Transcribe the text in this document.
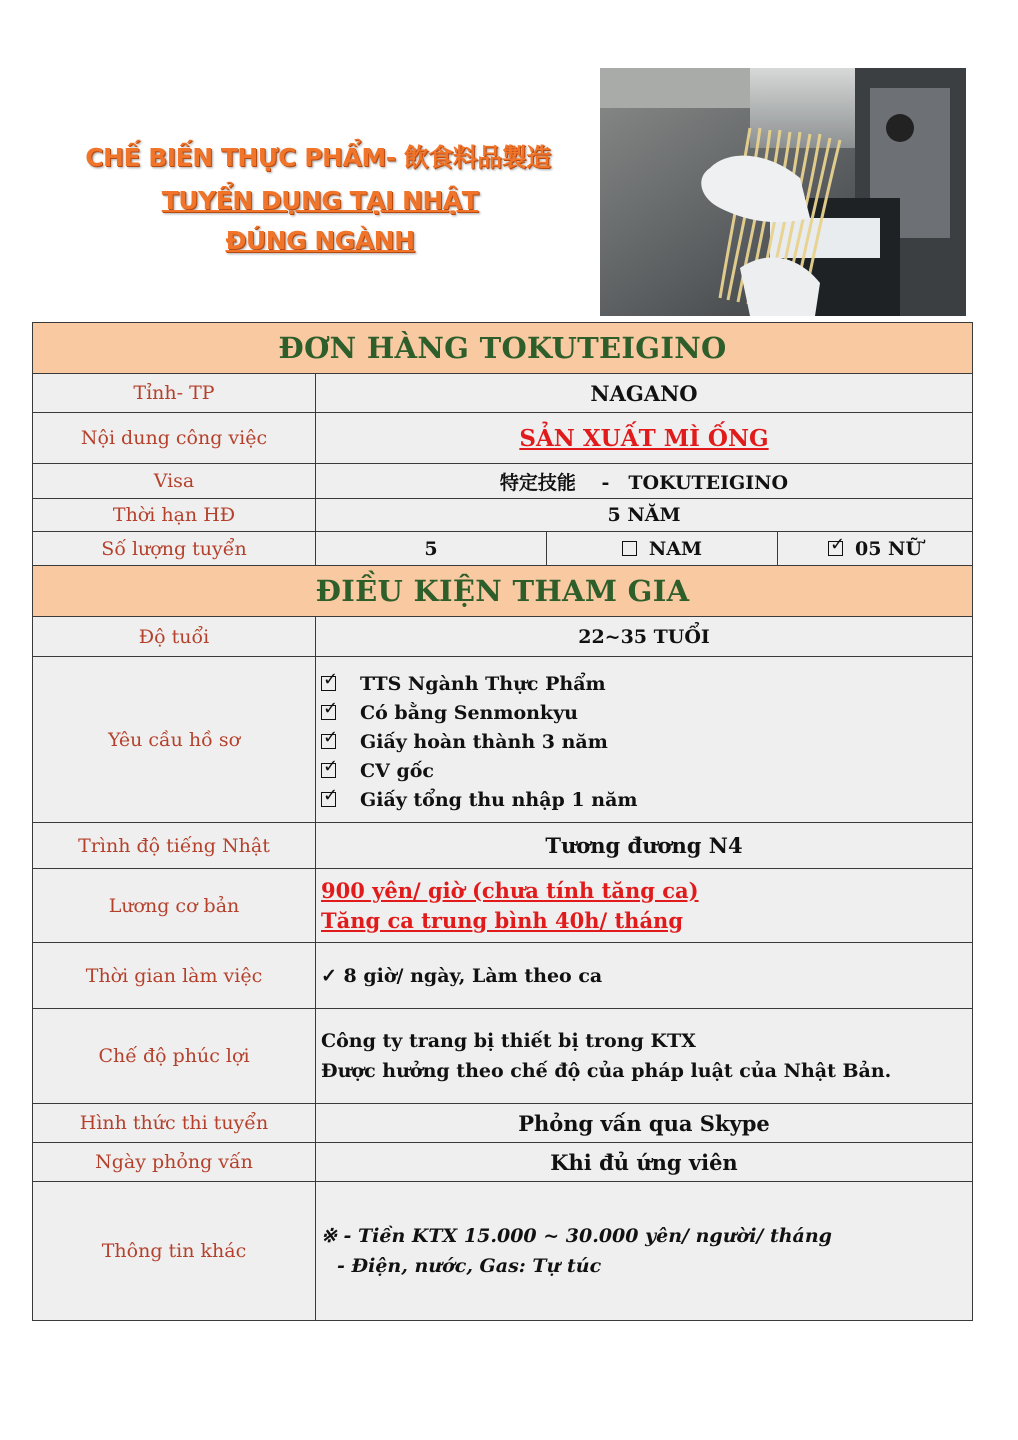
CHẾ BIẾN THỰC PHẨM- 飲食料品製造
TUYỂN DỤNG TẠI NHẬT
ĐÚNG NGÀNH
ĐƠN HÀNG TOKUTEIGINO
Tỉnh- TP	NAGANO
Nội dung công việc	SẢN XUẤT MÌ ỐNG
Visa	特定技能　 -　TOKUTEIGINO
Thời hạn HĐ	5 NĂM
Số lượng tuyển	5	NAM
✓	05 NỮ
ĐIỀU KIỆN THAM GIA
Độ tuổi	22~35 TUỔI
Yêu cầu hồ sơ
✓
TTS Ngành Thực Phẩm
✓
Có bằng Senmonkyu
✓
Giấy hoàn thành 3 năm
✓
CV gốc
✓
Giấy tổng thu nhập 1 năm
Trình độ tiếng Nhật	Tương đương N4
Lương cơ bản
900 yên/ giờ (chưa tính tăng ca)
Tăng ca trung bình 40h/ tháng
Thời gian làm việc	✓ 8 giờ/ ngày, Làm theo ca
Chế độ phúc lợi
Công ty trang bị thiết bị trong KTX
Được hưởng theo chế độ của pháp luật của Nhật Bản.
Hình thức thi tuyển	Phỏng vấn qua Skype
Ngày phỏng vấn	Khi đủ ứng viên
Thông tin khác
※ - Tiền KTX 15.000 ~ 30.000 yên/ người/ tháng
- Điện, nước, Gas: Tự túc
